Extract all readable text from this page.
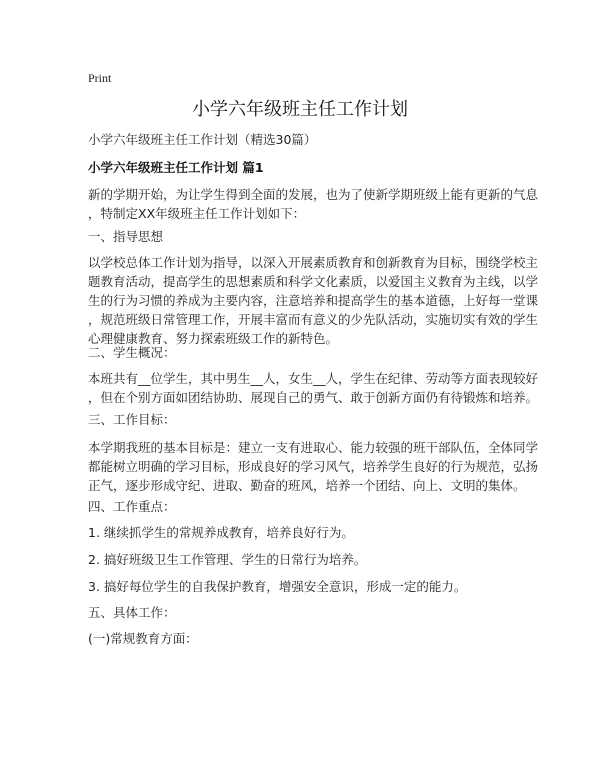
Print
小学六年级班主任工作计划
小学六年级班主任工作计划（精选30篇）
小学六年级班主任工作计划 篇1
新的学期开始，为让学生得到全面的发展，也为了使新学期班级上能有更新的气息
，特制定XX年级班主任工作计划如下：
一、指导思想
以学校总体工作计划为指导，以深入开展素质教育和创新教育为目标，围绕学校主
题教育活动，提高学生的思想素质和科学文化素质，以爱国主义教育为主线，以学
生的行为习惯的养成为主要内容，注意培养和提高学生的基本道德，上好每一堂课
，规范班级日常管理工作，开展丰富而有意义的少先队活动，实施切实有效的学生
心理健康教育、努力探索班级工作的新特色。
二、学生概况：
本班共有__位学生，其中男生__人，女生__人，学生在纪律、劳动等方面表现较好
，但在个别方面如团结协助、展现自己的勇气、敢于创新方面仍有待锻炼和培养。
三、工作目标：
本学期我班的基本目标是：建立一支有进取心、能力较强的班干部队伍，全体同学
都能树立明确的学习目标，形成良好的学习风气，培养学生良好的行为规范，弘扬
正气，逐步形成守纪、进取、勤奋的班风，培养一个团结、向上、文明的集体。
四、工作重点：
1. 继续抓学生的常规养成教育，培养良好行为。
2. 搞好班级卫生工作管理、学生的日常行为培养。
3. 搞好每位学生的自我保护教育，增强安全意识，形成一定的能力。
五、具体工作：
(一)常规教育方面：
